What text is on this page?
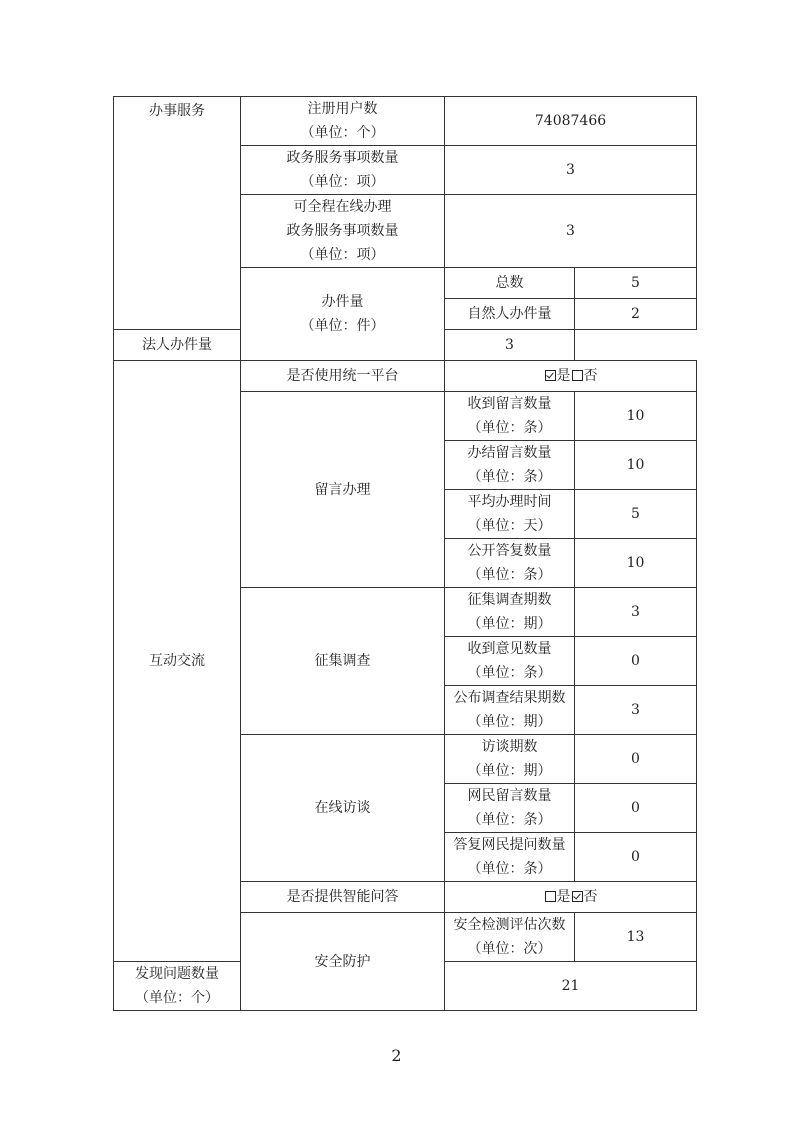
办事服务	注册用户数
（单位：个）	74087466	

	政务服务事项数量
（单位：项）	3	

	可全程在线办理
政务服务事项数量
（单位：项）	3	

	办件量
（单位：件）	总数	5
		自然人办件量	2
法人办件量		3	
互动交流	是否使用统一平台	是 否	
	留言办理	收到留言数量
（单位：条）	10

		办结留言数量
（单位：条）	10

		平均办理时间
（单位：天）	5

		公开答复数量
（单位：条）	10
	征集调查	征集调查期数
（单位：期）	3

		收到意见数量
（单位：条）	0

		公布调查结果期数
（单位：期）	3
	在线访谈	访谈期数
（单位：期）	0

		网民留言数量
（单位：条）	0

		答复网民提问数量
（单位：条）	0
	是否提供智能问答	是 否	
	安全防护	安全检测评估次数
（单位：次）	13

发现问题数量
（单位：个）		21	
2
